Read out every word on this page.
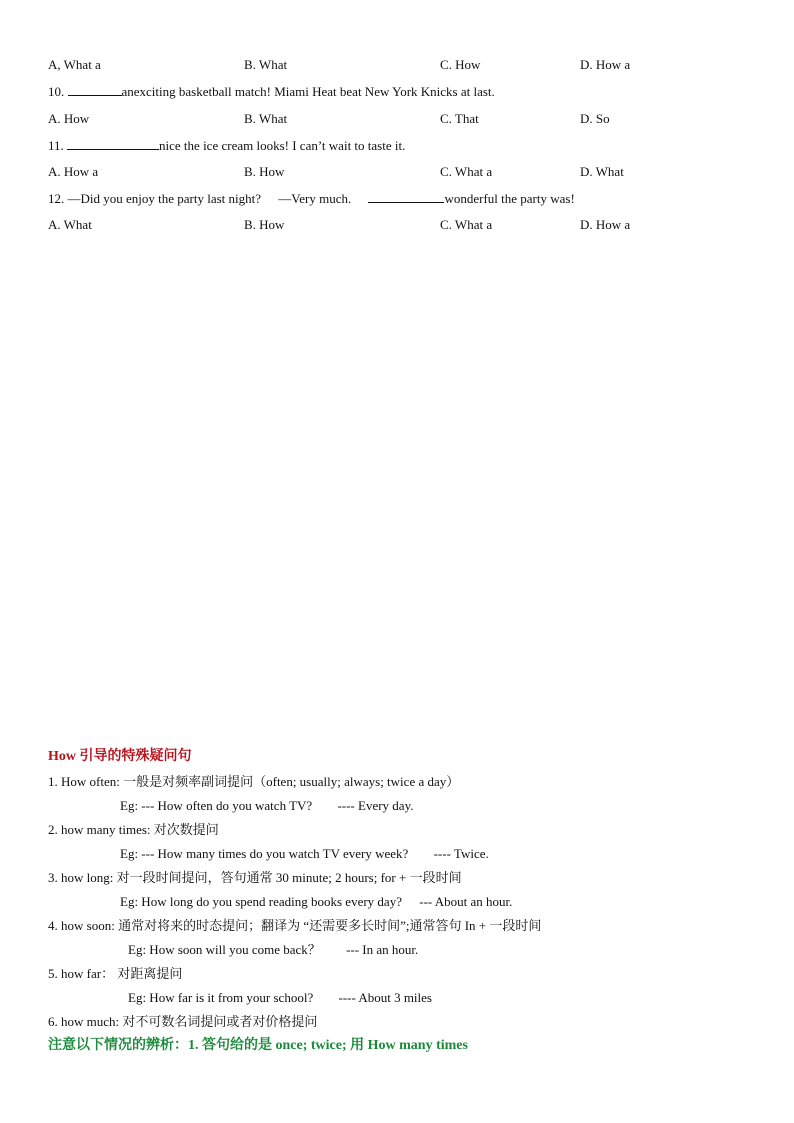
A, What a	B. What	C. How	D. How a
10.	anexciting basketball match! Miami Heat beat New York Knicks at last.
A. How	B. What	C. That	D. So
11.	nice the ice cream looks! I can’t wait to taste it.
A. How a	B. How	C. What a	D. What
12. —Did you enjoy the party last night? —Very much.	wonderful the party was!
A. What	B. How	C. What a	D. How a
How 引导的特殊疑问句
1. How often: 一般是对频率副词提问（often; usually; always; twice a day）
Eg: --- How often do you watch TV? ---- Every day.
2. how many times: 对次数提问
Eg: --- How many times do you watch TV every week? ---- Twice.
3. how long: 对一段时间提问，答句通常 30 minute; 2 hours; for + 一段时间
Eg: How long do you spend reading books every day? --- About an hour.
4. how soon: 通常对将来的时态提问；翻译为 “还需要多长时间”;通常答句 In + 一段时间
Eg: How soon will you come back？ --- In an hour.
5. how far： 对距离提问
Eg: How far is it from your school? ---- About 3 miles
6. how much: 对不可数名词提问或者对价格提问
注意以下情况的辨析：1. 答句给的是 once; twice; 用 How many times
